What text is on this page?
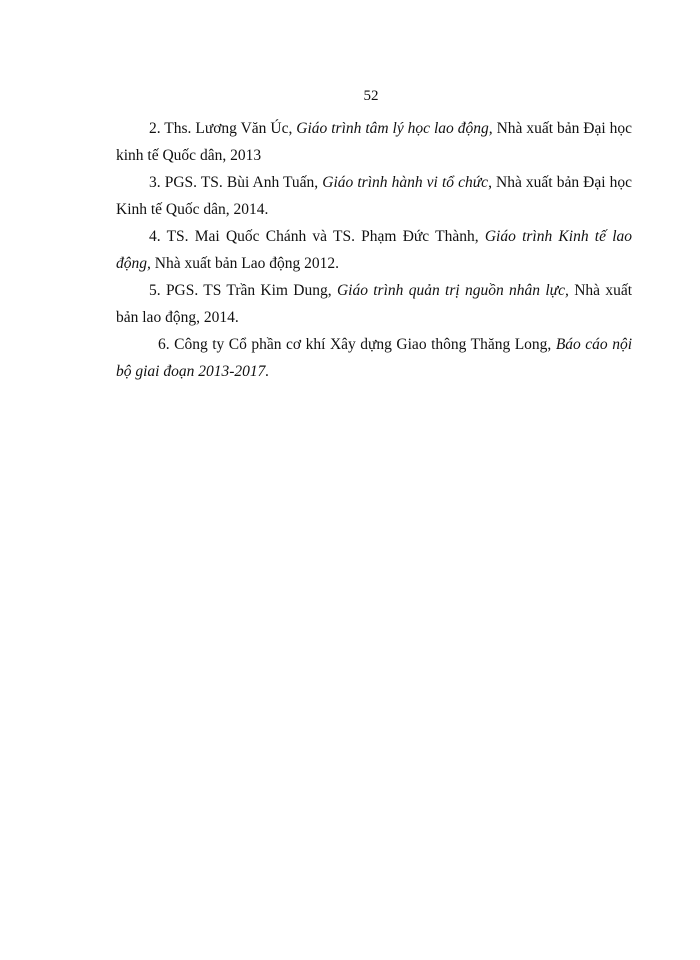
52

2. Ths. Lương Văn Úc, Giáo trình tâm lý học lao động, Nhà xuất bản Đại học kinh tế Quốc dân, 2013

3. PGS. TS. Bùi Anh Tuấn, Giáo trình hành vi tổ chức, Nhà xuất bản Đại học Kinh tế Quốc dân, 2014.

4. TS. Mai Quốc Chánh và TS. Phạm Đức Thành, Giáo trình Kinh tế lao động, Nhà xuất bản Lao động 2012.

5. PGS. TS Trần Kim Dung, Giáo trình quản trị nguồn nhân lực, Nhà xuất bản lao động, 2014.

6. Công ty Cổ phần cơ khí Xây dựng Giao thông Thăng Long, Báo cáo nội bộ giai đoạn 2013-2017.
